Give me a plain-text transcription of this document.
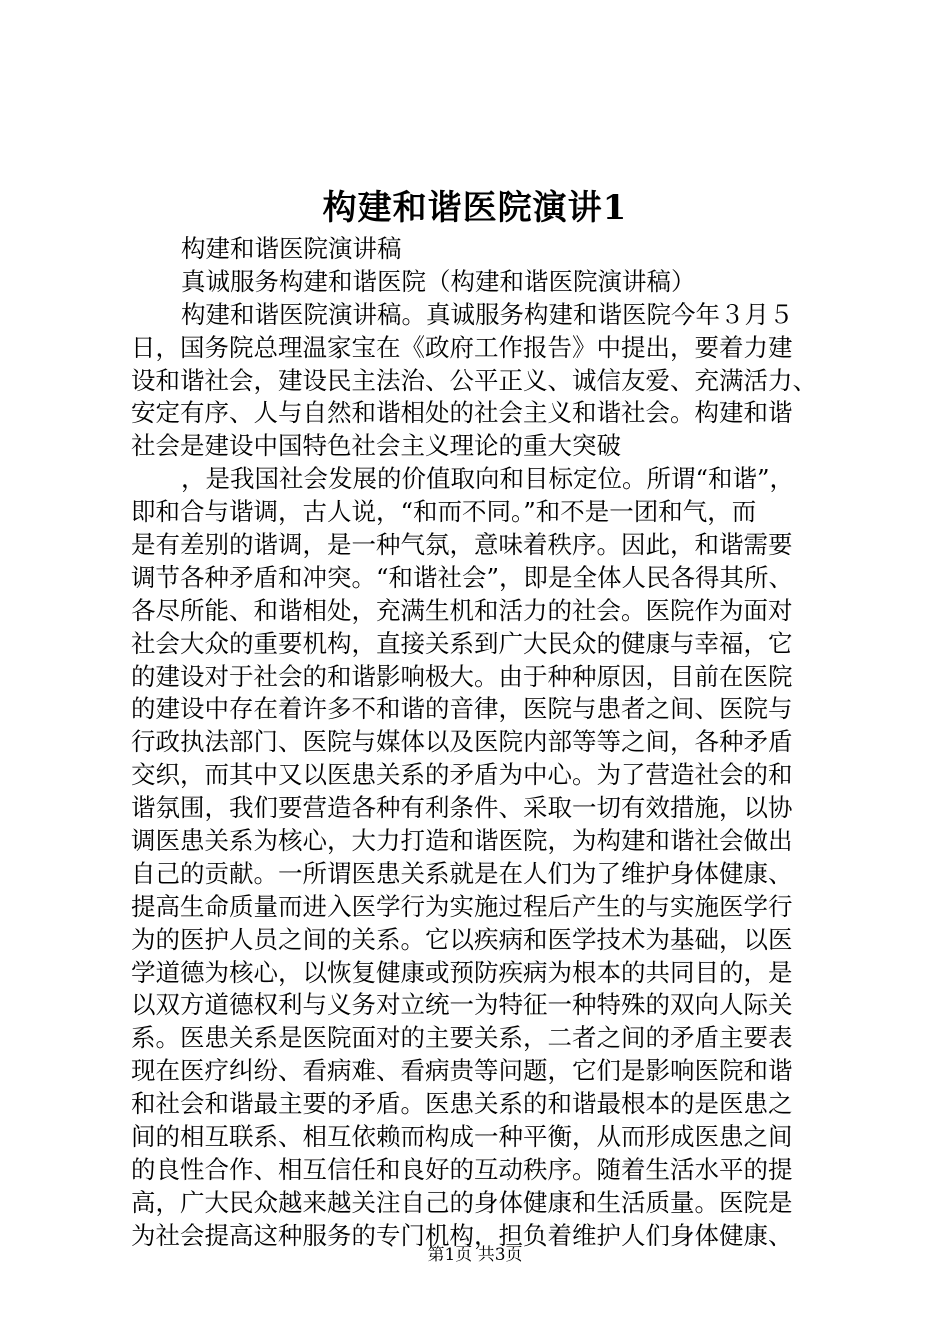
构建和谐医院演讲1
构建和谐医院演讲稿
真诚服务构建和谐医院（构建和谐医院演讲稿）
构建和谐医院演讲稿。真诚服务构建和谐医院今年３月５
日，国务院总理温家宝在《政府工作报告》中提出，要着力建
设和谐社会，建设民主法治、公平正义、诚信友爱、充满活力、
安定有序、人与自然和谐相处的社会主义和谐社会。构建和谐
社会是建设中国特色社会主义理论的重大突破
，是我国社会发展的价值取向和目标定位。所谓“和谐”，
即和合与谐调，古人说，“和而不同。”和不是一团和气，而
是有差别的谐调，是一种气氛，意味着秩序。因此，和谐需要
调节各种矛盾和冲突。“和谐社会”，即是全体人民各得其所、
各尽所能、和谐相处，充满生机和活力的社会。医院作为面对
社会大众的重要机构，直接关系到广大民众的健康与幸福，它
的建设对于社会的和谐影响极大。由于种种原因，目前在医院
的建设中存在着许多不和谐的音律，医院与患者之间、医院与
行政执法部门、医院与媒体以及医院内部等等之间，各种矛盾
交织，而其中又以医患关系的矛盾为中心。为了营造社会的和
谐氛围，我们要营造各种有利条件、采取一切有效措施，以协
调医患关系为核心，大力打造和谐医院，为构建和谐社会做出
自己的贡献。一所谓医患关系就是在人们为了维护身体健康、
提高生命质量而进入医学行为实施过程后产生的与实施医学行
为的医护人员之间的关系。它以疾病和医学技术为基础，以医
学道德为核心，以恢复健康或预防疾病为根本的共同目的，是
以双方道德权利与义务对立统一为特征一种特殊的双向人际关
系。医患关系是医院面对的主要关系，二者之间的矛盾主要表
现在医疗纠纷、看病难、看病贵等问题，它们是影响医院和谐
和社会和谐最主要的矛盾。医患关系的和谐最根本的是医患之
间的相互联系、相互依赖而构成一种平衡，从而形成医患之间
的良性合作、相互信任和良好的互动秩序。随着生活水平的提
高，广大民众越来越关注自己的身体健康和生活质量。医院是
为社会提高这种服务的专门机构，担负着维护人们身体健康、
第1页 共3页
